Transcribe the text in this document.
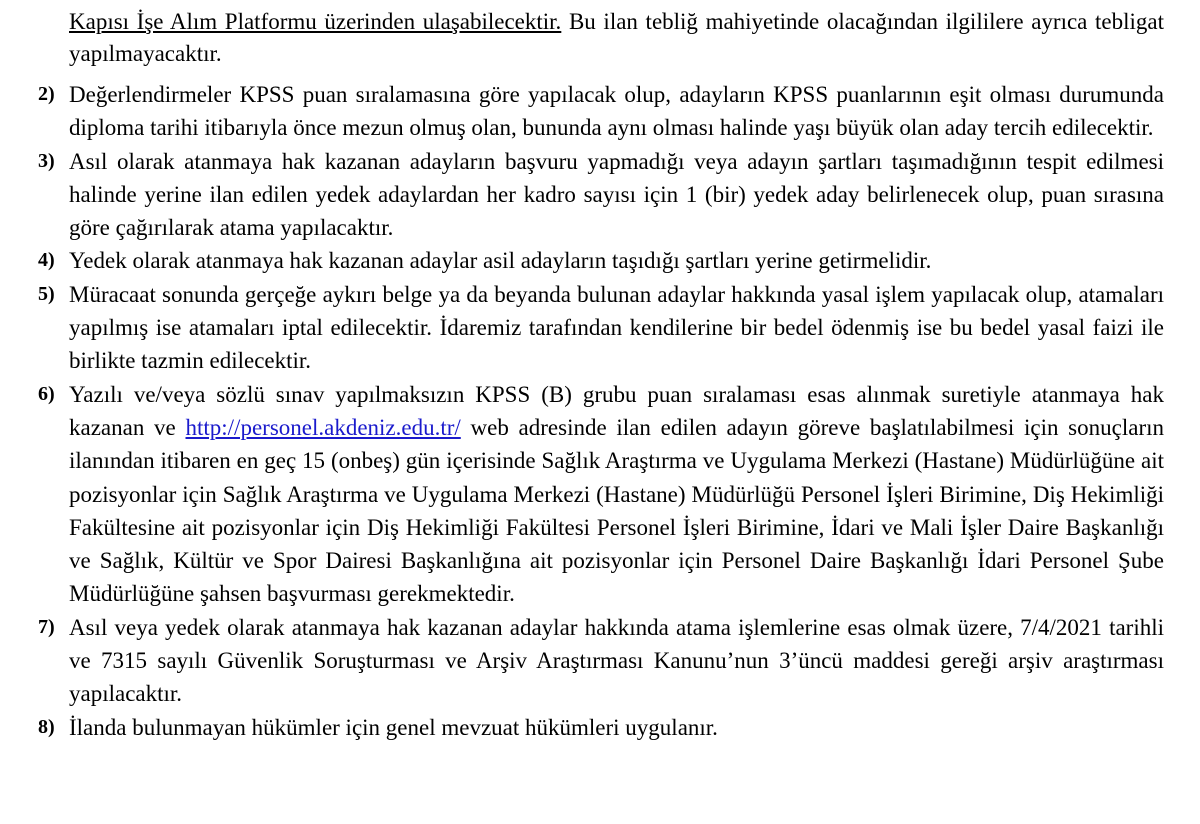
Kapısı İşe Alım Platformu üzerinden ulaşabilecektir. Bu ilan tebliğ mahiyetinde olacağından ilgililere ayrıca tebligat yapılmayacaktır.

2) Değerlendirmeler KPSS puan sıralamasına göre yapılacak olup, adayların KPSS puanlarının eşit olması durumunda diploma tarihi itibarıyla önce mezun olmuş olan, bununda aynı olması halinde yaşı büyük olan aday tercih edilecektir.
3) Asıl olarak atanmaya hak kazanan adayların başvuru yapmadığı veya adayın şartları taşımadığının tespit edilmesi halinde yerine ilan edilen yedek adaylardan her kadro sayısı için 1 (bir) yedek aday belirlenecek olup, puan sırasına göre çağırılarak atama yapılacaktır.
4) Yedek olarak atanmaya hak kazanan adaylar asil adayların taşıdığı şartları yerine getirmelidir.
5) Müracaat sonunda gerçeğe aykırı belge ya da beyanda bulunan adaylar hakkında yasal işlem yapılacak olup, atamaları yapılmış ise atamaları iptal edilecektir. İdaremiz tarafından kendilerine bir bedel ödenmiş ise bu bedel yasal faizi ile birlikte tazmin edilecektir.
6) Yazılı ve/veya sözlü sınav yapılmaksızın KPSS (B) grubu puan sıralaması esas alınmak suretiyle atanmaya hak kazanan ve http://personel.akdeniz.edu.tr/ web adresinde ilan edilen adayın göreve başlatılabilmesi için sonuçların ilanından itibaren en geç 15 (onbeş) gün içerisinde Sağlık Araştırma ve Uygulama Merkezi (Hastane) Müdürlüğüne ait pozisyonlar için Sağlık Araştırma ve Uygulama Merkezi (Hastane) Müdürlüğü Personel İşleri Birimine, Diş Hekimliği Fakültesine ait pozisyonlar için Diş Hekimliği Fakültesi Personel İşleri Birimine, İdari ve Mali İşler Daire Başkanlığı ve Sağlık, Kültür ve Spor Dairesi Başkanlığına ait pozisyonlar için Personel Daire Başkanlığı İdari Personel Şube Müdürlüğüne şahsen başvurması gerekmektedir.
7) Asıl veya yedek olarak atanmaya hak kazanan adaylar hakkında atama işlemlerine esas olmak üzere, 7/4/2021 tarihli ve 7315 sayılı Güvenlik Soruşturması ve Arşiv Araştırması Kanunu’nun 3’üncü maddesi gereği arşiv araştırması yapılacaktır.
8) İlanda bulunmayan hükümler için genel mevzuat hükümleri uygulanır.
